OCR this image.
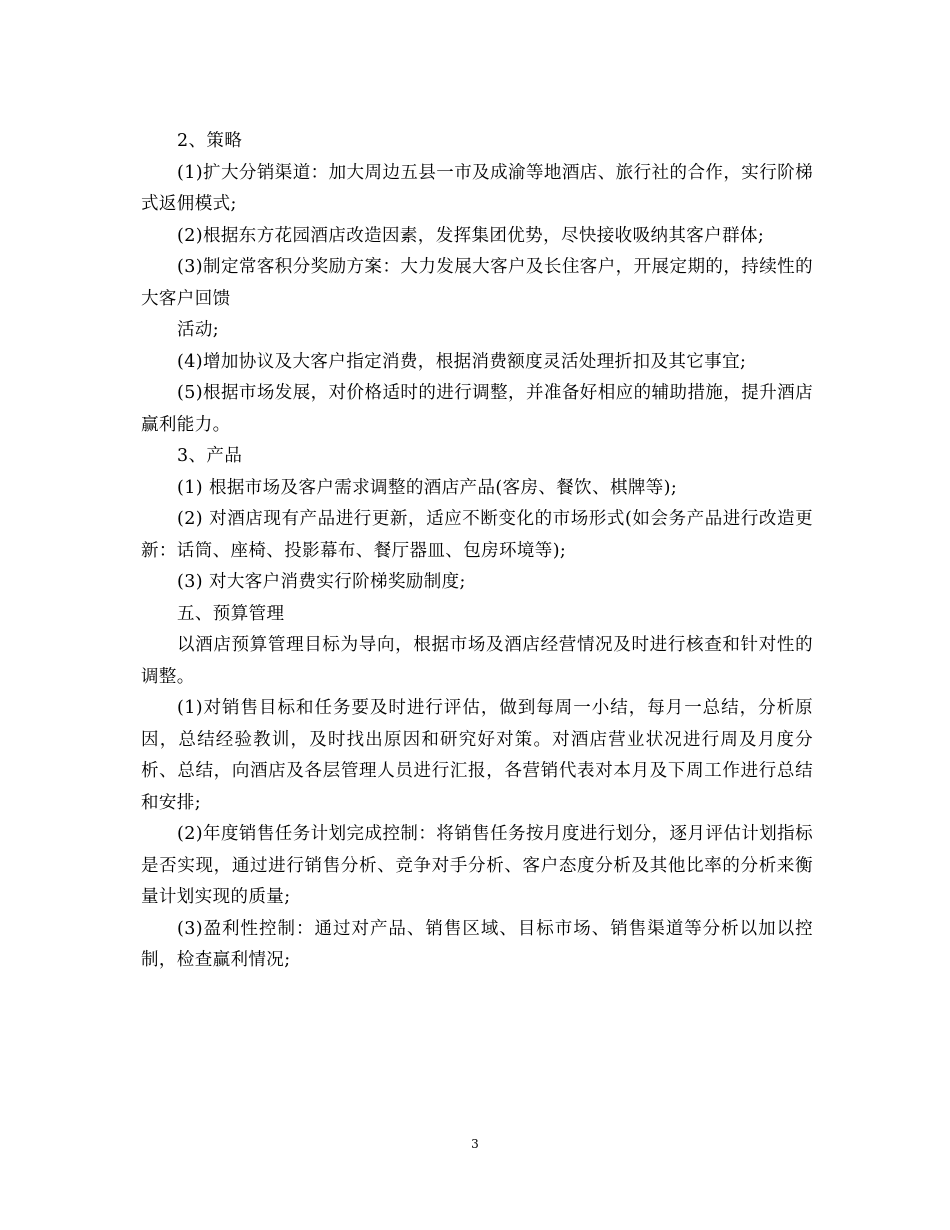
2、策略

(1)扩大分销渠道：加大周边五县一市及成渝等地酒店、旅行社的合作，实行阶梯式返佣模式;

(2)根据东方花园酒店改造因素，发挥集团优势，尽快接收吸纳其客户群体;

(3)制定常客积分奖励方案：大力发展大客户及长住客户，开展定期的，持续性的大客户回馈

活动;

(4)增加协议及大客户指定消费，根据消费额度灵活处理折扣及其它事宜;

(5)根据市场发展，对价格适时的进行调整，并准备好相应的辅助措施，提升酒店赢利能力。

3、产品

(1) 根据市场及客户需求调整的酒店产品(客房、餐饮、棋牌等);

(2) 对酒店现有产品进行更新，适应不断变化的市场形式(如会务产品进行改造更新：话筒、座椅、投影幕布、餐厅器皿、包房环境等);

(3) 对大客户消费实行阶梯奖励制度;

五、预算管理

以酒店预算管理目标为导向，根据市场及酒店经营情况及时进行核查和针对性的调整。

(1)对销售目标和任务要及时进行评估，做到每周一小结，每月一总结，分析原因，总结经验教训，及时找出原因和研究好对策。对酒店营业状况进行周及月度分析、总结，向酒店及各层管理人员进行汇报，各营销代表对本月及下周工作进行总结和安排;

(2)年度销售任务计划完成控制：将销售任务按月度进行划分，逐月评估计划指标是否实现，通过进行销售分析、竞争对手分析、客户态度分析及其他比率的分析来衡量计划实现的质量;

(3)盈利性控制：通过对产品、销售区域、目标市场、销售渠道等分析以加以控制，检查赢利情况;

3
